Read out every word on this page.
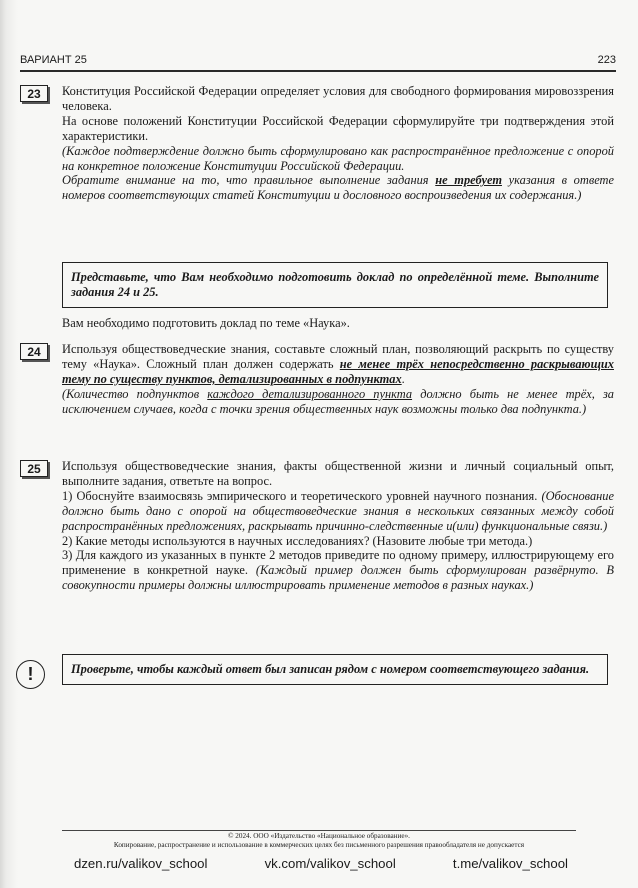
ВАРИАНТ 25	223
23	Конституция Российской Федерации определяет условия для свободного формирования мировоззрения человека.

На основе положений Конституции Российской Федерации сформулируйте три подтверждения этой характеристики.

(Каждое подтверждение должно быть сформулировано как распространённое предложение с опорой на конкретное положение Конституции Российской Федерации.

Обратите внимание на то, что правильное выполнение задания не требует указания в ответе номеров соответствующих статей Конституции и дословного воспроизведения их содержания.)

Представьте, что Вам необходимо подготовить доклад по определённой теме. Выполните задания 24 и 25.
Вам необходимо подготовить доклад по теме «Наука».
24	Используя обществоведческие знания, составьте сложный план, позволяющий раскрыть по существу тему «Наука». Сложный план должен содержать не менее трёх непосредственно раскрывающих тему по существу пунктов, детализированных в подпунктах.

(Количество подпунктов каждого детализированного пункта должно быть не менее трёх, за исключением случаев, когда с точки зрения общественных наук возможны только два подпункта.)

25	Используя обществоведческие знания, факты общественной жизни и личный социальный опыт, выполните задания, ответьте на вопрос.

1) Обоснуйте взаимосвязь эмпирического и теоретического уровней научного познания. (Обоснование должно быть дано с опорой на обществоведческие знания в нескольких связанных между собой распространённых предложениях, раскрывать причинно-следственные и(или) функциональные связи.)

2) Какие методы используются в научных исследованиях? (Назовите любые три метода.)

3) Для каждого из указанных в пункте 2 методов приведите по одному примеру, иллюстрирующему его применение в конкретной науке. (Каждый пример должен быть сформулирован развёрнуто. В совокупности примеры должны иллюстрировать применение методов в разных науках.)

!	Проверьте, чтобы каждый ответ был записан рядом с номером соответствующего задания.
© 2024. ООО «Издательство «Национальное образование».
Копирование, распространение и использование в коммерческих целях без письменного разрешения правообладателя не допускается
dzen.ru/valikov_school	vk.com/valikov_school	t.me/valikov_school
